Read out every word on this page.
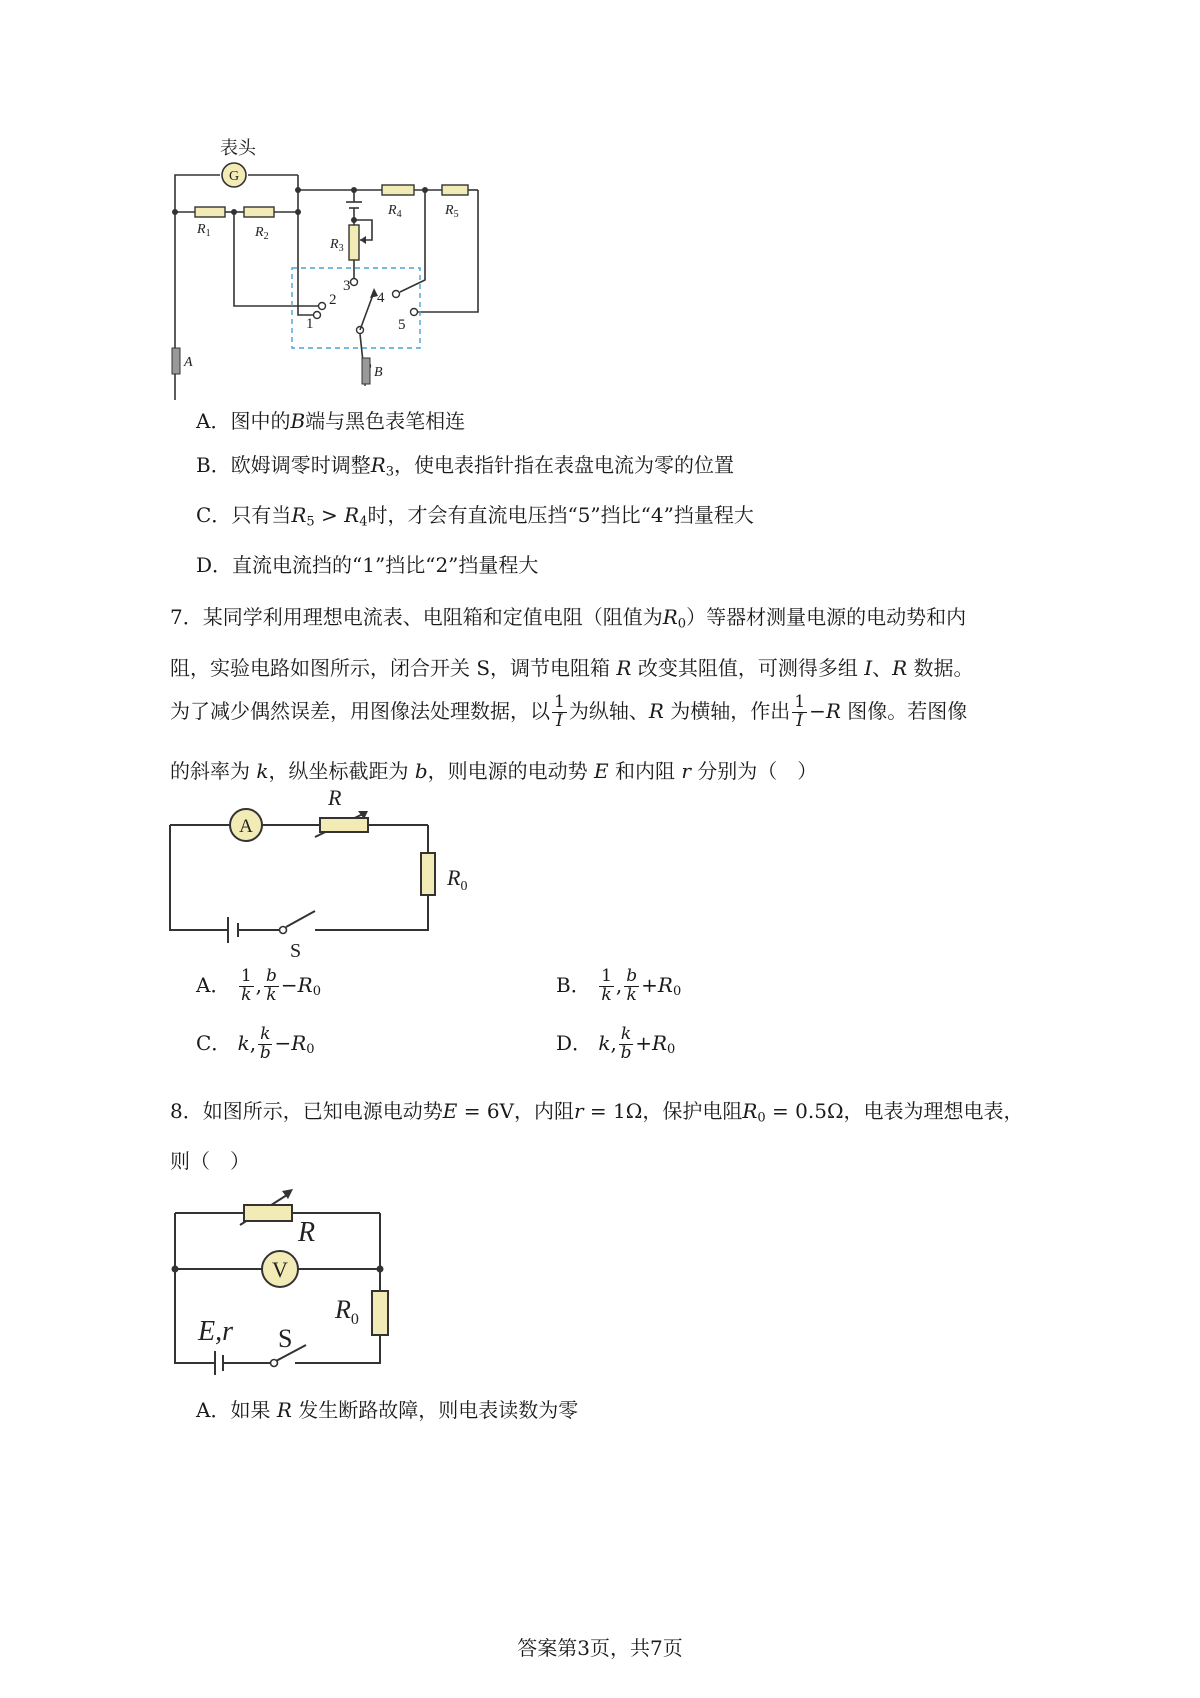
G
表头
$R_1$	$R_2$
$R_3$
$R_4$	$R_5$
A
B
1
2
3
4
5
A．图中的B端与黑色表笔相连
B．欧姆调零时调整$R_3$，使电表指针指在表盘电流为零的位置
C．只有当$R_5 > R_4$时，才会有直流电压挡“5”挡比“4”挡量程大
D．直流电流挡的“1”挡比“2”挡量程大
7．某同学利用理想电流表、电阻箱和定值电阻（阻值为$R_0$）等器材测量电源的电动势和内
阻，实验电路如图所示，闭合开关 S，调节电阻箱 R 改变其阻值，可测得多组 I、R 数据。
为了减少偶然误差，用图像法处理数据，以 $\frac{1}{I}$ 为纵轴、R 为横轴，作出 $\frac{1}{I} -R$ 图像。若图像
的斜率为 k，纵坐标截距为 b，则电源的电动势 E 和内阻 r 分别为（　）
A
R
$R_0$
S
A． $\frac{1}{k}$ , $\frac{b}{k} -R_0$	B． $\frac{1}{k}$ , $\frac{b}{k} +R_0$
C． k, $\frac{k}{b} -R_0$	D． k, $\frac{k}{b} +R_0$
8．如图所示，已知电源电动势E = 6V，内阻r = 1Ω，保护电阻$R_0 = 0.5\Omega$，电表为理想电表，
则（　）
V
R
$R_0$
E,r S
A．如果 R 发生断路故障，则电表读数为零
答案第3页，共7页
